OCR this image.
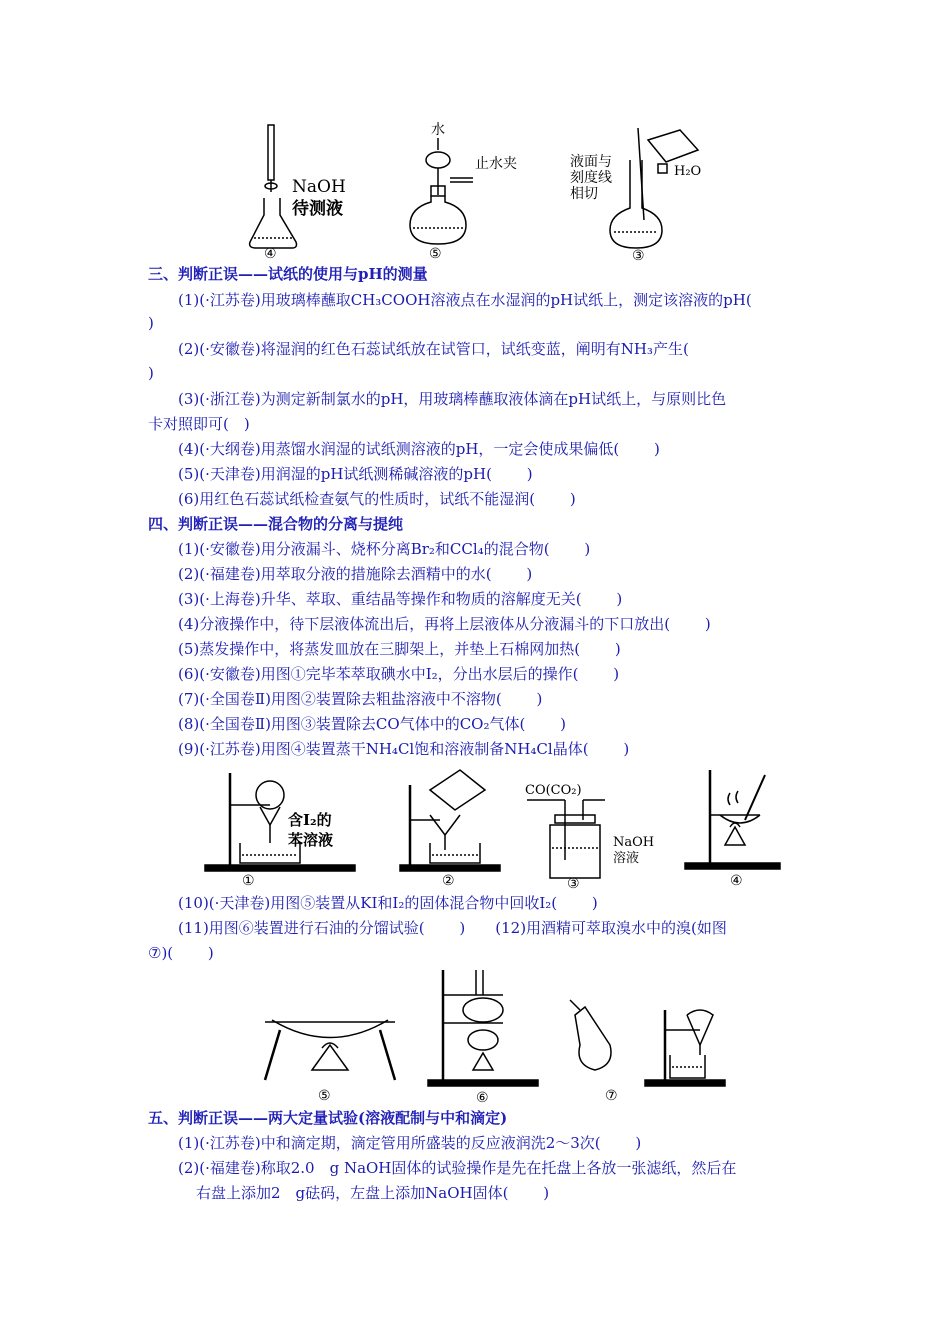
NaOH
待测液
④
水
止水夹
⑤
液面与
刻度线
相切
H₂O
③
三、判断正误——试纸的使用与pH的测量
(1)(·江苏卷)用玻璃棒蘸取CH₃COOH溶液点在水湿润的pH试纸上，测定该溶液的pH(
)
(2)(·安徽卷)将湿润的红色石蕊试纸放在试管口，试纸变蓝，阐明有NH₃产生(
)
(3)(·浙江卷)为测定新制氯水的pH，用玻璃棒蘸取液体滴在pH试纸上，与原则比色
卡对照即可(　)
(4)(·大纲卷)用蒸馏水润湿的试纸测溶液的pH，一定会使成果偏低(　　 )
(5)(·天津卷)用润湿的pH试纸测稀碱溶液的pH(　　 )
(6)用红色石蕊试纸检查氨气的性质时，试纸不能湿润(　　 )
四、判断正误——混合物的分离与提纯
(1)(·安徽卷)用分液漏斗、烧杯分离Br₂和CCl₄的混合物(　　 )
(2)(·福建卷)用萃取分液的措施除去酒精中的水(　　 )
(3)(·上海卷)升华、萃取、重结晶等操作和物质的溶解度无关(　　 )
(4)分液操作中，待下层液体流出后，再将上层液体从分液漏斗的下口放出(　　 )
(5)蒸发操作中，将蒸发皿放在三脚架上，并垫上石棉网加热(　　 )
(6)(·安徽卷)用图①完毕苯萃取碘水中I₂，分出水层后的操作(　　 )
(7)(·全国卷Ⅱ)用图②装置除去粗盐溶液中不溶物(　　 )
(8)(·全国卷Ⅱ)用图③装置除去CO气体中的CO₂气体(　　 )
(9)(·江苏卷)用图④装置蒸干NH₄Cl饱和溶液制备NH₄Cl晶体(　　 )
含I₂的
苯溶液
①	②
CO(CO₂)
NaOH
溶液
③	④
(10)(·天津卷)用图⑤装置从KI和I₂的固体混合物中回收I₂(　　 )
(11)用图⑥装置进行石油的分馏试验(　　 )　　(12)用酒精可萃取溴水中的溴(如图
⑦)(　　 )
⑤	⑥	⑦
五、判断正误——两大定量试验(溶液配制与中和滴定)
(1)(·江苏卷)中和滴定期，滴定管用所盛装的反应液润洗2～3次(　　 )
(2)(·福建卷)称取2.0　g NaOH固体的试验操作是先在托盘上各放一张滤纸，然后在
右盘上添加2　g砝码，左盘上添加NaOH固体(　　 )
